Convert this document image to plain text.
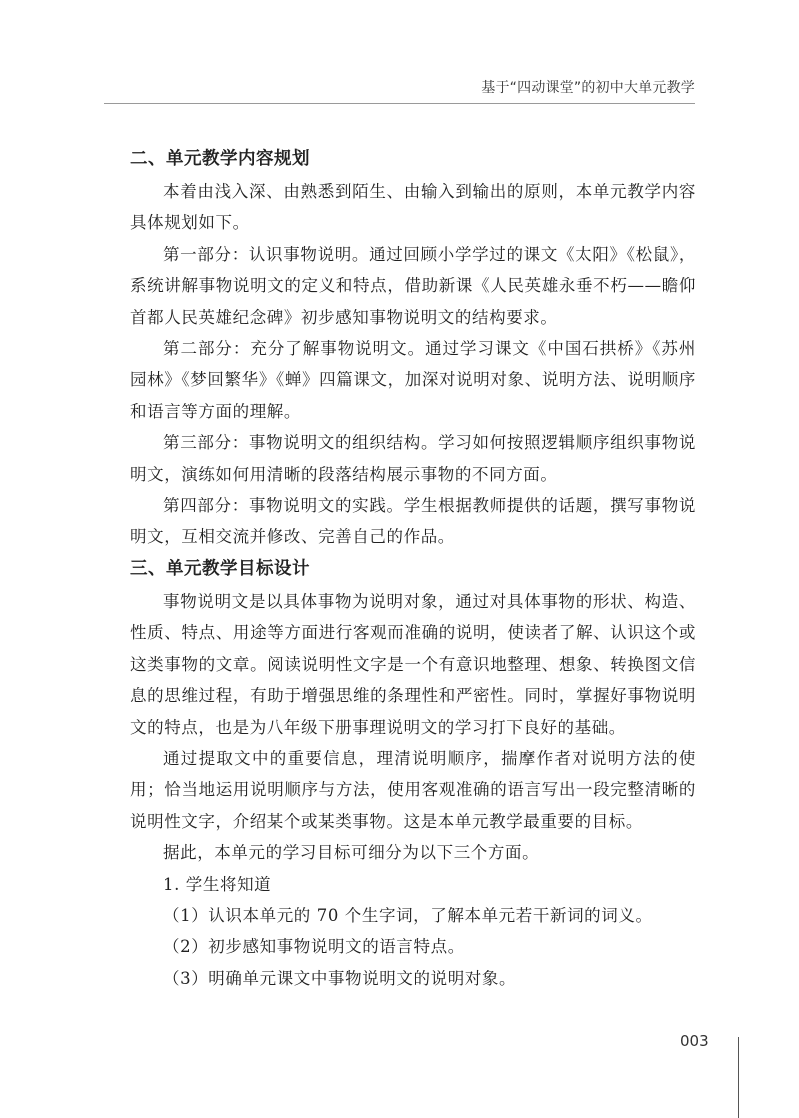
基于“四动课堂”的初中大单元教学
二、单元教学内容规划

本着由浅入深、由熟悉到陌生、由输入到输出的原则，本单元教学内容具体规划如下。

第一部分：认识事物说明。通过回顾小学学过的课文《太阳》《松鼠》，系统讲解事物说明文的定义和特点，借助新课《人民英雄永垂不朽——瞻仰首都人民英雄纪念碑》初步感知事物说明文的结构要求。

第二部分：充分了解事物说明文。通过学习课文《中国石拱桥》《苏州园林》《梦回繁华》《蝉》四篇课文，加深对说明对象、说明方法、说明顺序和语言等方面的理解。

第三部分：事物说明文的组织结构。学习如何按照逻辑顺序组织事物说明文，演练如何用清晰的段落结构展示事物的不同方面。

第四部分：事物说明文的实践。学生根据教师提供的话题，撰写事物说明文，互相交流并修改、完善自己的作品。

三、单元教学目标设计

事物说明文是以具体事物为说明对象，通过对具体事物的形状、构造、性质、特点、用途等方面进行客观而准确的说明，使读者了解、认识这个或这类事物的文章。阅读说明性文字是一个有意识地整理、想象、转换图文信息的思维过程，有助于增强思维的条理性和严密性。同时，掌握好事物说明文的特点，也是为八年级下册事理说明文的学习打下良好的基础。

通过提取文中的重要信息，理清说明顺序，揣摩作者对说明方法的使用；恰当地运用说明顺序与方法，使用客观准确的语言写出一段完整清晰的说明性文字，介绍某个或某类事物。这是本单元教学最重要的目标。

据此，本单元的学习目标可细分为以下三个方面。

1. 学生将知道

（1）认识本单元的 70 个生字词，了解本单元若干新词的词义。

（2）初步感知事物说明文的语言特点。

（3）明确单元课文中事物说明文的说明对象。

003
